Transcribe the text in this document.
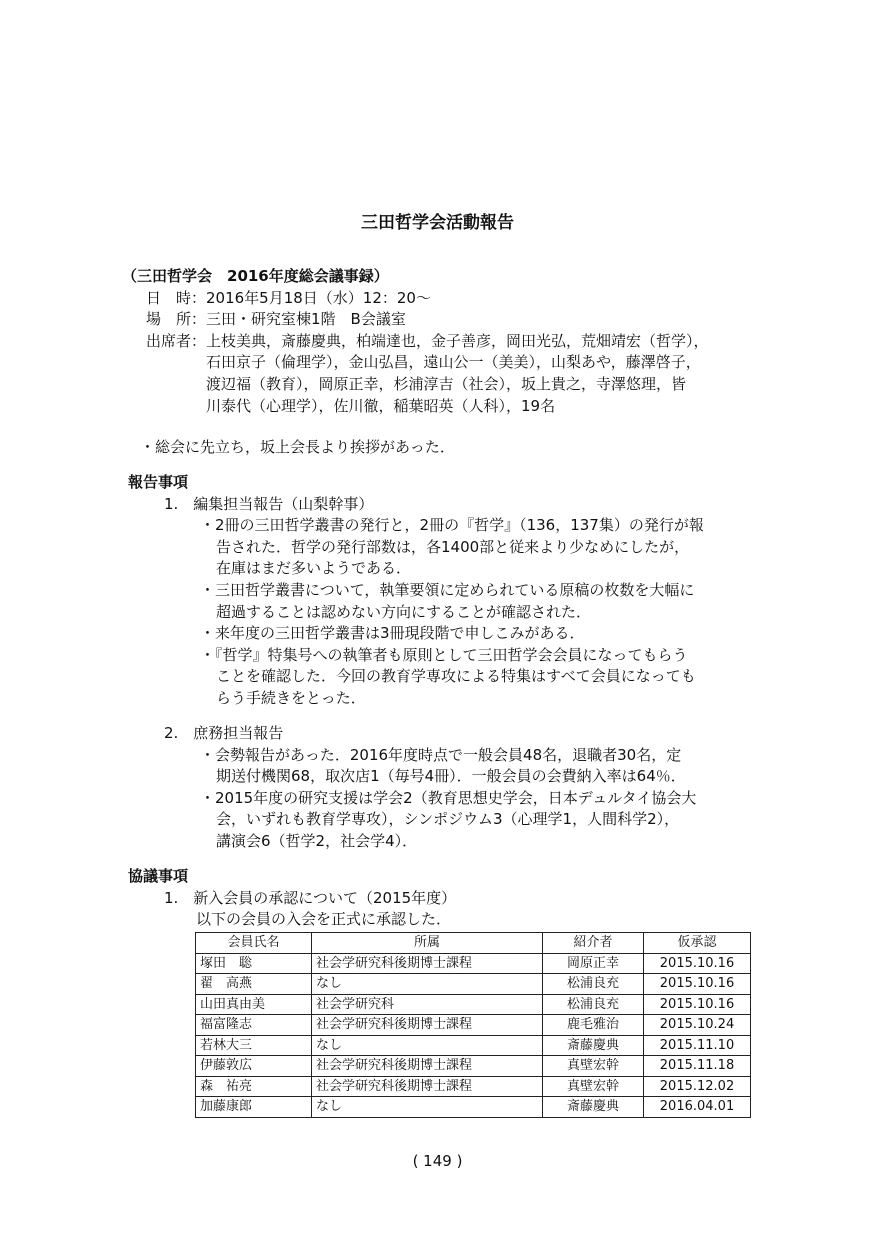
三田哲学会活動報告
（三田哲学会　2016年度総会議事録）
日　時：2016年5月18日（水）12：20～
場　所：三田・研究室棟1階　B会議室
出席者：上枝美典，斎藤慶典，柏端達也，金子善彦，岡田光弘，荒畑靖宏（哲学），
石田京子（倫理学），金山弘昌，遠山公一（美美），山梨あや，藤澤啓子，
渡辺福（教育），岡原正幸，杉浦淳吉（社会），坂上貴之，寺澤悠理，皆
川泰代（心理学），佐川徹，稲葉昭英（人科），19名
・総会に先立ち，坂上会長より挨拶があった．
報告事項
1.　編集担当報告（山梨幹事）
・2冊の三田哲学叢書の発行と，2冊の『哲学』（136，137集）の発行が報
告された．哲学の発行部数は，各1400部と従来より少なめにしたが，
在庫はまだ多いようである．
・三田哲学叢書について，執筆要領に定められている原稿の枚数を大幅に
超過することは認めない方向にすることが確認された．
・来年度の三田哲学叢書は3冊現段階で申しこみがある．
・『哲学』特集号への執筆者も原則として三田哲学会会員になってもらう
ことを確認した．今回の教育学専攻による特集はすべて会員になっても
らう手続きをとった．
2.　庶務担当報告
・会勢報告があった．2016年度時点で一般会員48名，退職者30名，定
期送付機関68，取次店1（毎号4冊）．一般会員の会費納入率は64％．
・2015年度の研究支援は学会2（教育思想史学会，日本デュルタイ協会大
会，いずれも教育学専攻），シンポジウム3（心理学1，人間科学2），
講演会6（哲学2，社会学4）．
協議事項
1.　新入会員の承認について（2015年度）
以下の会員の入会を正式に承認した．
会員氏名	所属	紹介者	仮承認
塚田　聡	社会学研究科後期博士課程	岡原正幸	2015.10.16
翟　高燕	なし	松浦良充	2015.10.16
山田真由美	社会学研究科	松浦良充	2015.10.16
福富隆志	社会学研究科後期博士課程	鹿毛雅治	2015.10.24
若林大三	なし	斎藤慶典	2015.11.10
伊藤敦広	社会学研究科後期博士課程	真壁宏幹	2015.11.18
森　祐亮	社会学研究科後期博士課程	真壁宏幹	2015.12.02
加藤康郎	なし	斎藤慶典	2016.04.01
( 149 )
